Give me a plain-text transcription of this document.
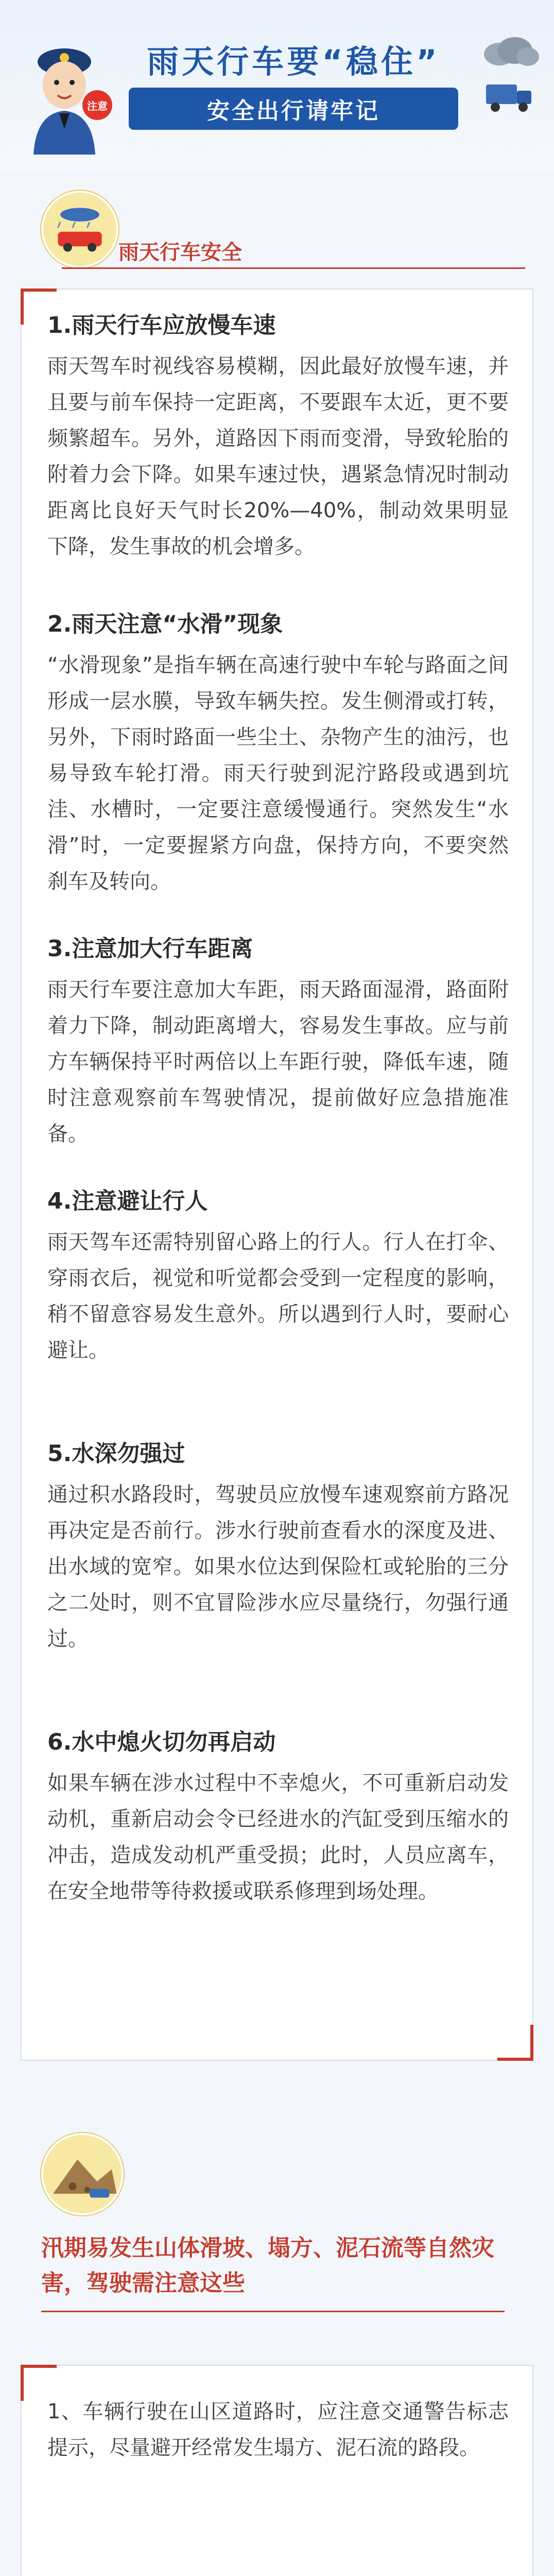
注意
雨天行车要“稳住”
安全出行请牢记
雨天行车安全
1.雨天行车应放慢车速
雨天驾车时视线容易模糊，因此最好放慢车速，并且要与前车保持一定距离，不要跟车太近，更不要频繁超车。另外，道路因下雨而变滑，导致轮胎的附着力会下降。如果车速过快，遇紧急情况时制动距离比良好天气时长20%—40%，制动效果明显下降，发生事故的机会增多。
2.雨天注意“水滑”现象
“水滑现象”是指车辆在高速行驶中车轮与路面之间形成一层水膜，导致车辆失控。发生侧滑或打转，另外，下雨时路面一些尘土、杂物产生的油污，也易导致车轮打滑。雨天行驶到泥泞路段或遇到坑洼、水槽时，一定要注意缓慢通行。突然发生“水滑”时，一定要握紧方向盘，保持方向，不要突然刹车及转向。
3.注意加大行车距离
雨天行车要注意加大车距，雨天路面湿滑，路面附着力下降，制动距离增大，容易发生事故。应与前方车辆保持平时两倍以上车距行驶，降低车速，随时注意观察前车驾驶情况，提前做好应急措施准备。
4.注意避让行人
雨天驾车还需特别留心路上的行人。行人在打伞、穿雨衣后，视觉和听觉都会受到一定程度的影响，稍不留意容易发生意外。所以遇到行人时，要耐心避让。
5.水深勿强过
通过积水路段时，驾驶员应放慢车速观察前方路况再决定是否前行。涉水行驶前查看水的深度及进、出水域的宽窄。如果水位达到保险杠或轮胎的三分之二处时，则不宜冒险涉水应尽量绕行，勿强行通过。
6.水中熄火切勿再启动
如果车辆在涉水过程中不幸熄火，不可重新启动发动机，重新启动会令已经进水的汽缸受到压缩水的冲击，造成发动机严重受损；此时，人员应离车，在安全地带等待救援或联系修理到场处理。
汛期易发生山体滑坡、塌方、泥石流等自然灾害，驾驶需注意这些
1、车辆行驶在山区道路时，应注意交通警告标志提示，尽量避开经常发生塌方、泥石流的路段。
